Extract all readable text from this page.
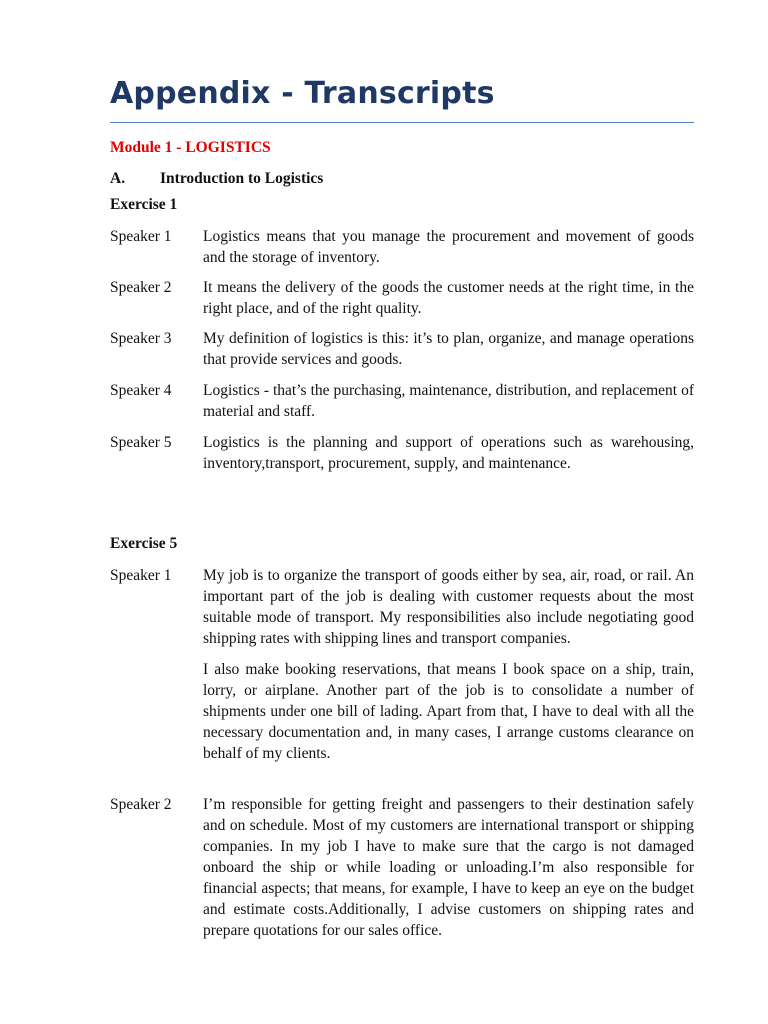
Appendix - Transcripts
Module 1 - LOGISTICS
A. Introduction to Logistics
Exercise 1
Speaker 1	Logistics means that you manage the procurement and movement of goods and the storage of inventory.

Speaker 2	It means the delivery of the goods the customer needs at the right time, in the right place, and of the right quality.

Speaker 3	My definition of logistics is this: it’s to plan, organize, and manage operations that provide services and goods.

Speaker 4	Logistics - that’s the purchasing, maintenance, distribution, and replacement of material and staff.

Speaker 5	Logistics is the planning and support of operations such as warehousing, inventory,transport, procurement, supply, and maintenance.

Exercise 5
Speaker 1	My job is to organize the transport of goods either by sea, air, road, or rail. An important part of the job is dealing with customer requests about the most suitable mode of transport. My responsibilities also include negotiating good shipping rates with shipping lines and transport companies.

I also make booking reservations, that means I book space on a ship, train, lorry, or airplane. Another part of the job is to consolidate a number of shipments under one bill of lading. Apart from that, I have to deal with all the necessary documentation and, in many cases, I arrange customs clearance on behalf of my clients.

Speaker 2	I’m responsible for getting freight and passengers to their destination safely and on schedule. Most of my customers are international transport or shipping companies. In my job I have to make sure that the cargo is not damaged onboard the ship or while loading or unloading.I’m also responsible for financial aspects; that means, for example, I have to keep an eye on the budget and estimate costs.Additionally, I advise customers on shipping rates and prepare quotations for our sales office.
